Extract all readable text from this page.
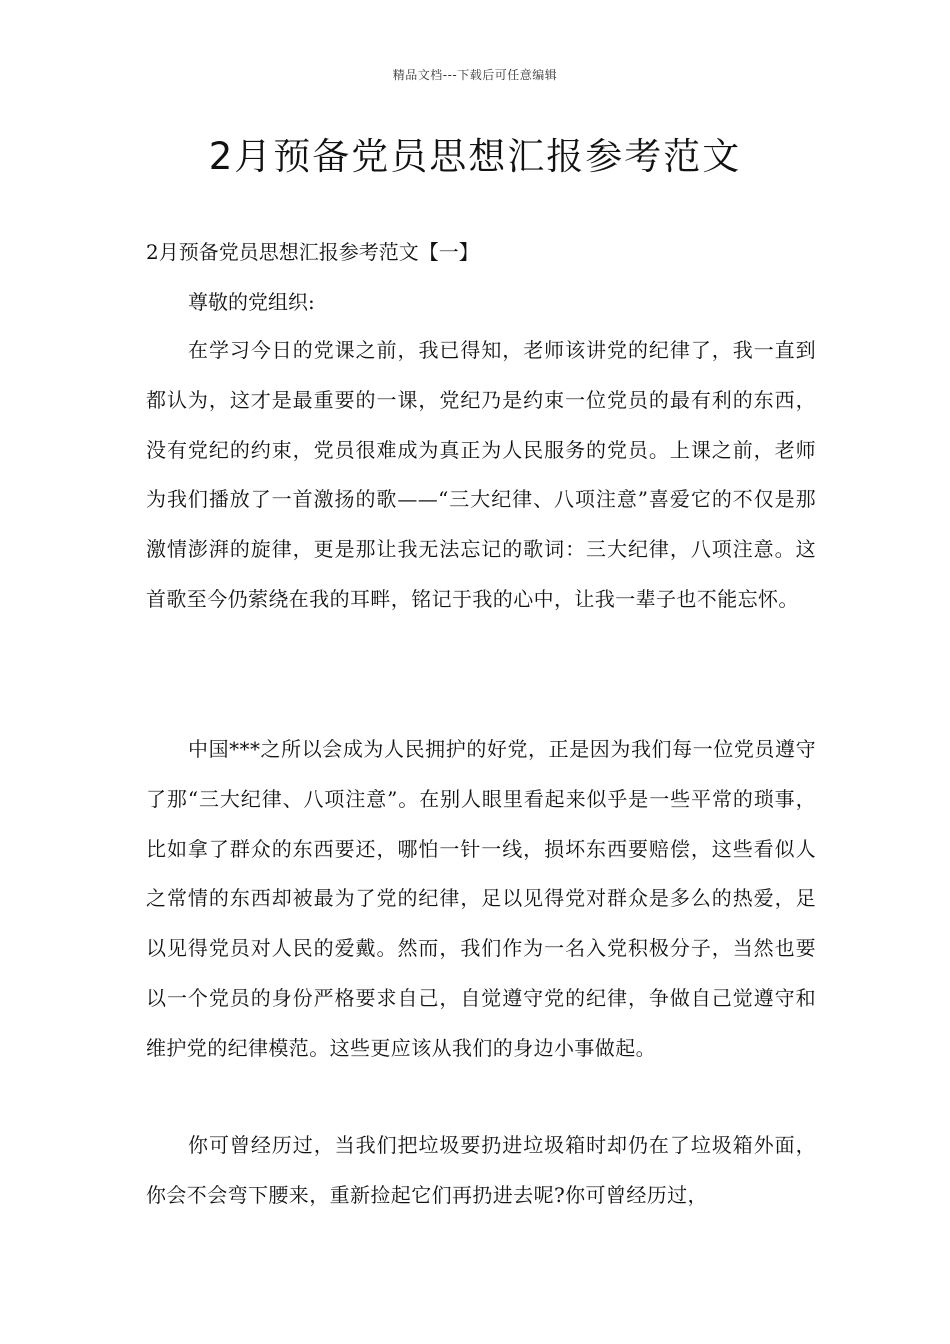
精品文档---下载后可任意编辑
2月预备党员思想汇报参考范文
2月预备党员思想汇报参考范文【一】

尊敬的党组织:

在学习今日的党课之前，我已得知，老师该讲党的纪律了，我一直到都认为，这才是最重要的一课，党纪乃是约束一位党员的最有利的东西，没有党纪的约束，党员很难成为真正为人民服务的党员。上课之前，老师为我们播放了一首激扬的歌——“三大纪律、八项注意”喜爱它的不仅是那激情澎湃的旋律，更是那让我无法忘记的歌词：三大纪律，八项注意。这首歌至今仍萦绕在我的耳畔，铭记于我的心中，让我一辈子也不能忘怀。

中国***之所以会成为人民拥护的好党，正是因为我们每一位党员遵守了那“三大纪律、八项注意”。在别人眼里看起来似乎是一些平常的琐事，比如拿了群众的东西要还，哪怕一针一线，损坏东西要赔偿，这些看似人之常情的东西却被最为了党的纪律，足以见得党对群众是多么的热爱，足以见得党员对人民的爱戴。然而，我们作为一名入党积极分子，当然也要以一个党员的身份严格要求自己，自觉遵守党的纪律，争做自己觉遵守和维护党的纪律模范。这些更应该从我们的身边小事做起。

你可曾经历过，当我们把垃圾要扔进垃圾箱时却仍在了垃圾箱外面，你会不会弯下腰来，重新捡起它们再扔进去呢?你可曾经历过，
